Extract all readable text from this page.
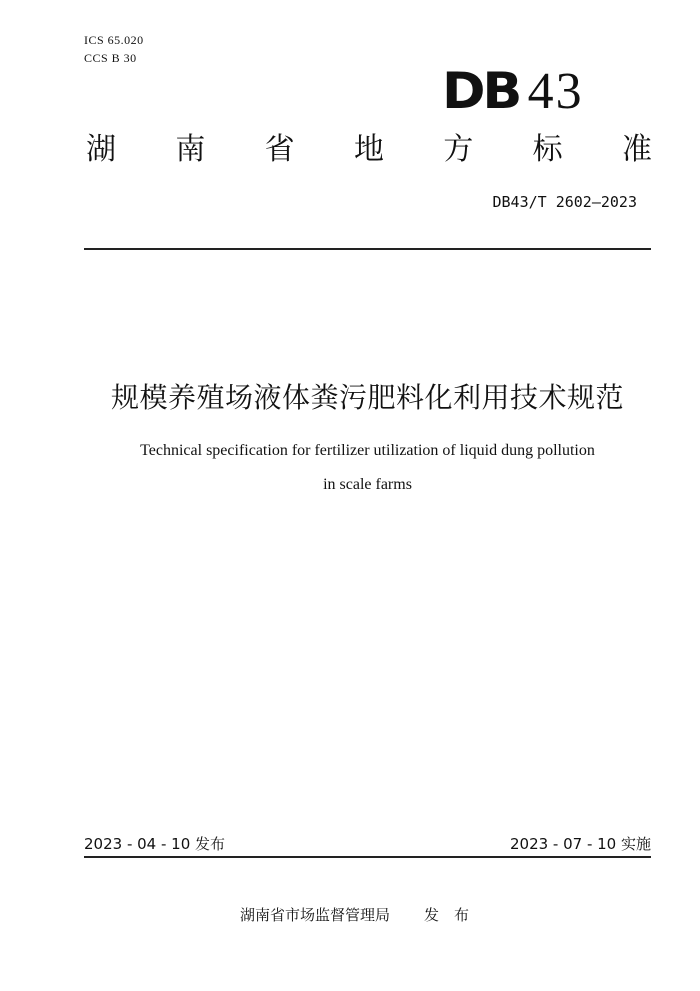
ICS 65.020
CCS B 30
DB 43
湖 南 省 地 方 标 准
DB43/T 2602—2023
规模养殖场液体粪污肥料化利用技术规范
Technical specification for fertilizer utilization of liquid dung pollution
in scale farms
2023 - 04 - 10 发布	2023 - 07 - 10 实施
湖南省市场监督管理局 发布
